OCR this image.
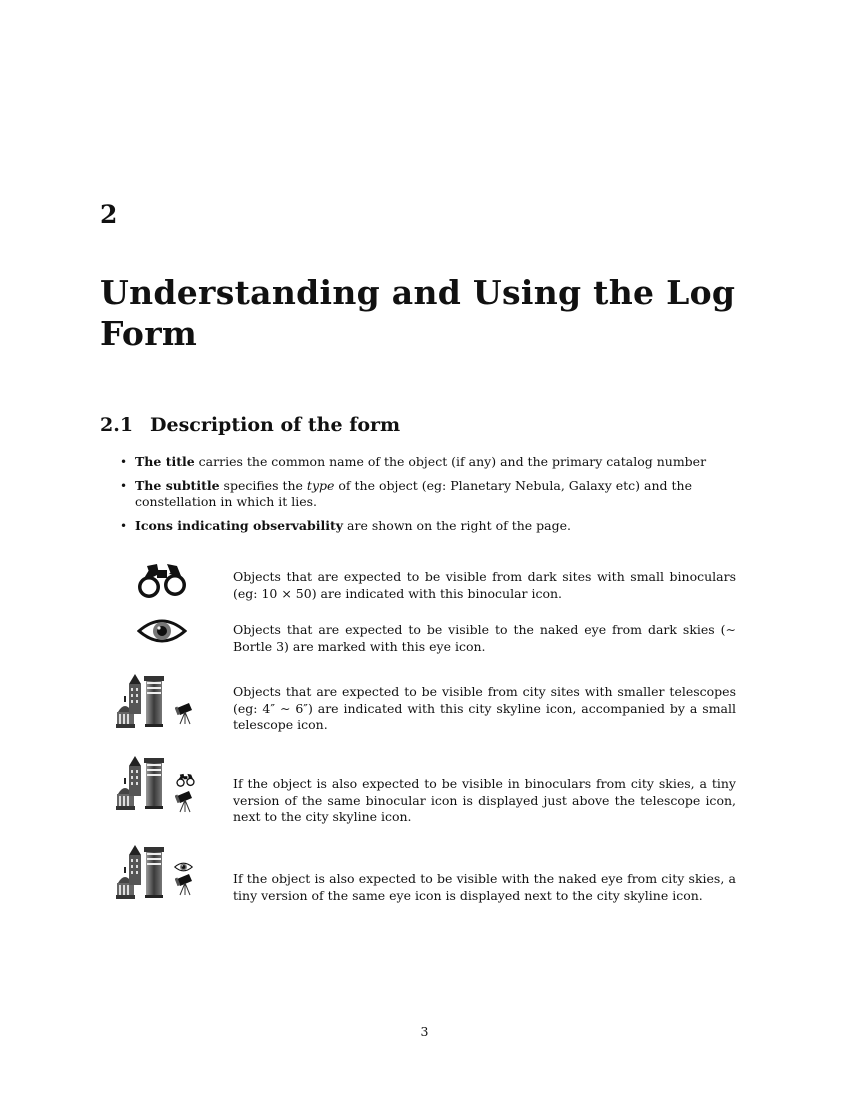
2
Understanding and Using the Log Form
2.1 Description of the form
• The title carries the common name of the object (if any) and the primary catalog number
• The subtitle specifies the type of the object (eg: Planetary Nebula, Galaxy etc) and the constellation in which it lies.
• Icons indicating observability are shown on the right of the page.
Objects that are expected to be visible from dark sites with small binoculars (eg: 10 × 50) are indicated with this binocular icon.
Objects that are expected to be visible to the naked eye from dark skies (∼ Bortle 3) are marked with this eye icon.
Objects that are expected to be visible from city sites with smaller telescopes (eg: 4″ ∼ 6″) are indicated with this city skyline icon, accompanied by a small telescope icon.
If the object is also expected to be visible in binoculars from city skies, a tiny version of the same binocular icon is displayed just above the telescope icon, next to the city skyline icon.
If the object is also expected to be visible with the naked eye from city skies, a tiny version of the same eye icon is displayed next to the city skyline icon.
3
